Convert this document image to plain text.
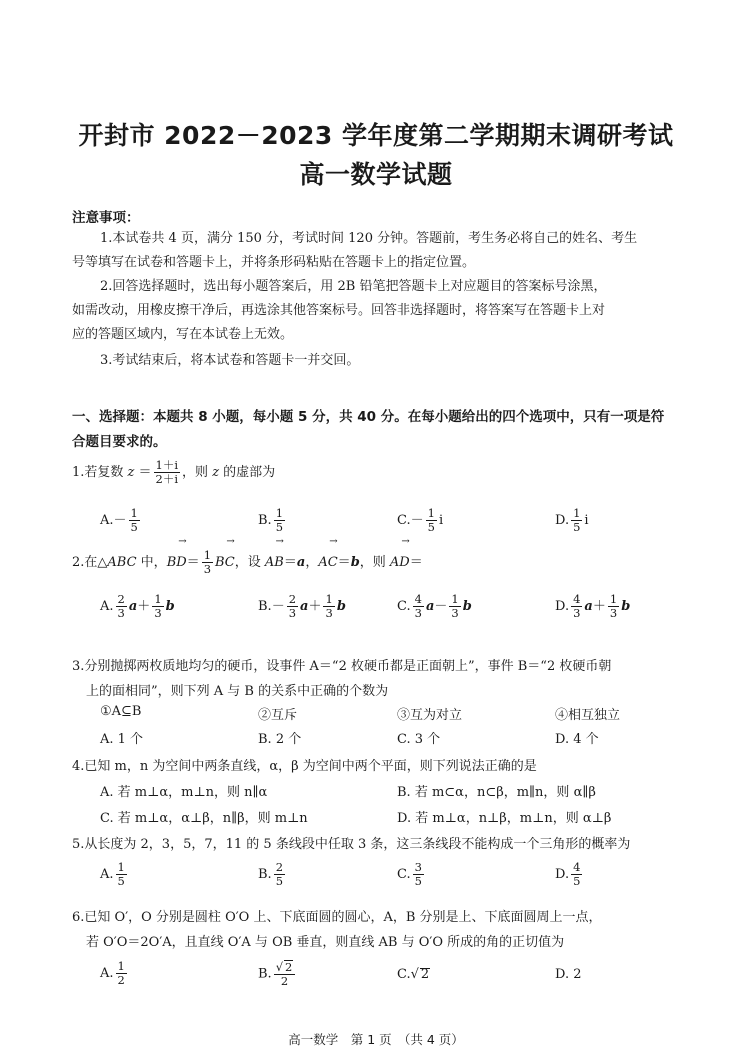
开封市 2022－2023 学年度第二学期期末调研考试
高一数学试题
注意事项：
1.本试卷共 4 页，满分 150 分，考试时间 120 分钟。答题前，考生务必将自己的姓名、考生
号等填写在试卷和答题卡上，并将条形码粘贴在答题卡上的指定位置。
2.回答选择题时，选出每小题答案后，用 2B 铅笔把答题卡上对应题目的答案标号涂黑，
如需改动，用橡皮擦干净后，再选涂其他答案标号。回答非选择题时，将答案写在答题卡上对
应的答题区域内，写在本试卷上无效。
3.考试结束后，将本试卷和答题卡一并交回。
一、选择题：本题共 8 小题，每小题 5 分，共 40 分。在每小题给出的四个选项中，只有一项是符
合题目要求的。
1.若复数 $z = \frac{1+i}{2+i}$ ，则 z 的虚部为
$A.- \frac{1}{5}$	B. $\frac{1}{5}$	$C.- \frac{1}{5}$ i	D. $\frac{1}{5}$ i
2.在△ABC 中，→ $BD= \frac{1}{3}$
→ BC，设 → AB＝a，→ AC＝b，则 → AD＝
A. $\frac{2}{3} a+ \frac{1}{3}$ b	$B.- \frac{2}{3} a+ \frac{1}{3}$ b	C. $\frac{4}{3} a- \frac{1}{3}$ b	D. $\frac{4}{3} a+ \frac{1}{3}$ b
3.分别抛掷两枚质地均匀的硬币，设事件 A＝“2 枚硬币都是正面朝上”，事件 B＝“2 枚硬币朝
上的面相同”，则下列 A 与 B 的关系中正确的个数为
①A⊆B	②互斥	③互为对立	④相互独立
A. 1 个	B. 2 个	C. 3 个	D. 4 个
4.已知 m，n 为空间中两条直线，α，β 为空间中两个平面，则下列说法正确的是
A. 若 m⊥α，m⊥n，则 n∥α	B. 若 m⊂α，n⊂β，m∥n，则 α∥β
C. 若 m⊥α，α⊥β，n∥β，则 m⊥n	D. 若 m⊥α，n⊥β，m⊥n，则 α⊥β
5.从长度为 2，3，5，7，11 的 5 条线段中任取 3 条，这三条线段不能构成一个三角形的概率为
A. $\frac{1}{5}$	B. $\frac{2}{5}$	C. $\frac{3}{5}$	D. $\frac{4}{5}$
6.已知 O′，O 分别是圆柱 O′O 上、下底面圆的圆心，A，B 分别是上、下底面圆周上一点，
若 O′O＝2O′A，且直线 O′A 与 OB 垂直，则直线 AB 与 O′O 所成的角的正切值为
A. $\frac{1}{2}$	B. $\frac{√ 2}{2}$	C.√ 2	D. 2
高一数学　第 1 页　（共 4 页）
